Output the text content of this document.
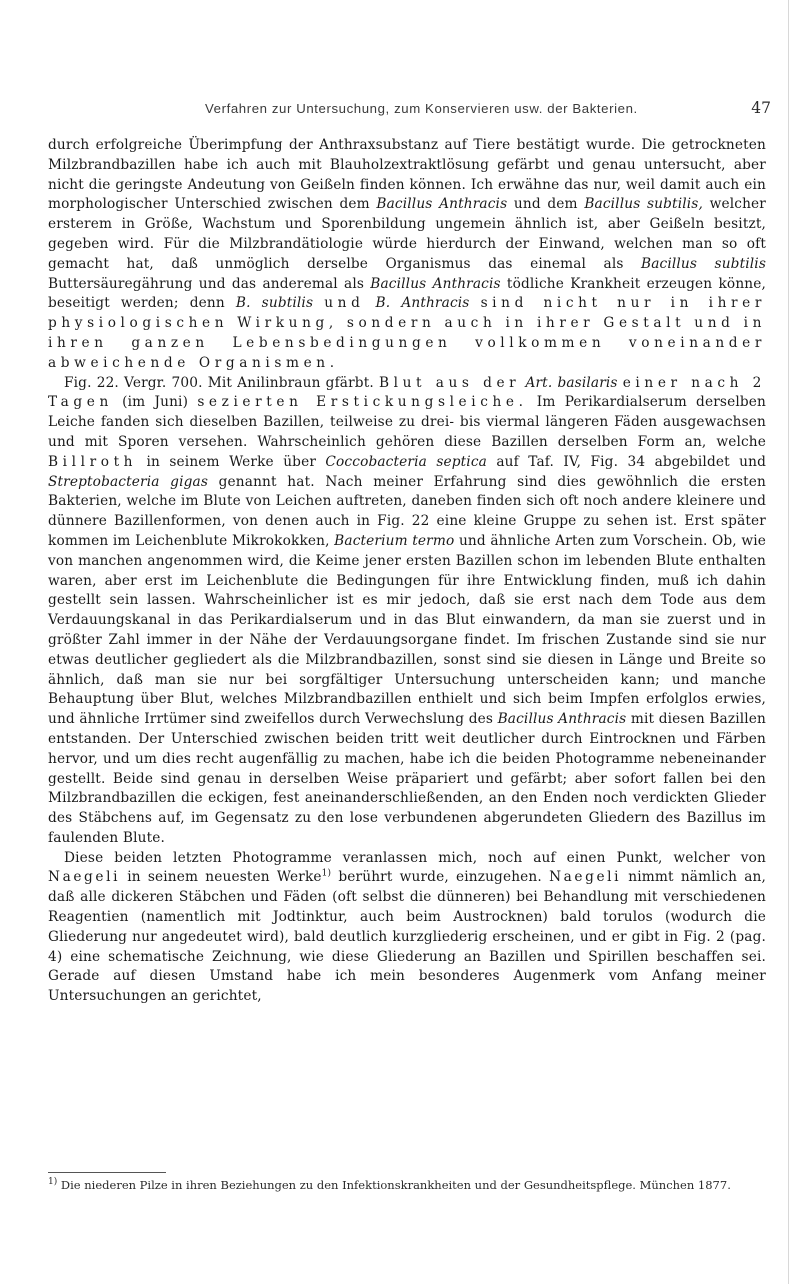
Verfahren zur Untersuchung, zum Konservieren usw. der Bakterien.	47

durch erfolgreiche Überimpfung der Anthraxsubstanz auf Tiere bestätigt wurde. Die getrockneten Milzbrandbazillen habe ich auch mit Blauholzextraktlösung gefärbt und genau untersucht, aber nicht die geringste Andeutung von Geißeln finden können. Ich erwähne das nur, weil damit auch ein morphologischer Unterschied zwischen dem Bacillus Anthracis und dem Bacillus subtilis, welcher ersterem in Größe, Wachstum und Sporenbildung ungemein ähnlich ist, aber Geißeln besitzt, gegeben wird. Für die Milzbrandätiologie würde hierdurch der Einwand, welchen man so oft gemacht hat, daß unmöglich derselbe Organismus das einemal als Bacillus subtilis Buttersäuregährung und das anderemal als Bacillus Anthracis tödliche Krankheit erzeugen könne, beseitigt werden; denn B. subtilis und B. Anthracis sind nicht nur in ihrer physiologischen Wirkung, sondern auch in ihrer Gestalt und in ihren ganzen Lebensbedingungen vollkommen voneinander abweichende Organismen.

Fig. 22. Vergr. 700. Mit Anilinbraun gfärbt. Blut aus der Art. basilaris einer nach 2 Tagen (im Juni) sezierten Erstickungsleiche. Im Perikardialserum derselben Leiche fanden sich dieselben Bazillen, teilweise zu drei- bis viermal längeren Fäden ausgewachsen und mit Sporen versehen. Wahrscheinlich gehören diese Bazillen derselben Form an, welche Billroth in seinem Werke über Coccobacteria septica auf Taf. IV, Fig. 34 abgebildet und Streptobacteria gigas genannt hat. Nach meiner Erfahrung sind dies gewöhnlich die ersten Bakterien, welche im Blute von Leichen auftreten, daneben finden sich oft noch andere kleinere und dünnere Bazillenformen, von denen auch in Fig. 22 eine kleine Gruppe zu sehen ist. Erst später kommen im Leichenblute Mikrokokken, Bacterium termo und ähnliche Arten zum Vorschein. Ob, wie von manchen angenommen wird, die Keime jener ersten Bazillen schon im lebenden Blute enthalten waren, aber erst im Leichenblute die Bedingungen für ihre Entwicklung finden, muß ich dahin gestellt sein lassen. Wahrscheinlicher ist es mir jedoch, daß sie erst nach dem Tode aus dem Verdauungskanal in das Perikardialserum und in das Blut einwandern, da man sie zuerst und in größter Zahl immer in der Nähe der Verdauungsorgane findet. Im frischen Zustande sind sie nur etwas deutlicher gegliedert als die Milzbrandbazillen, sonst sind sie diesen in Länge und Breite so ähnlich, daß man sie nur bei sorgfältiger Untersuchung unterscheiden kann; und manche Behauptung über Blut, welches Milzbrandbazillen enthielt und sich beim Impfen erfolglos erwies, und ähnliche Irrtümer sind zweifellos durch Verwechslung des Bacillus Anthracis mit diesen Bazillen entstanden. Der Unterschied zwischen beiden tritt weit deutlicher durch Eintrocknen und Färben hervor, und um dies recht augenfällig zu machen, habe ich die beiden Photogramme nebeneinander gestellt. Beide sind genau in derselben Weise präpariert und gefärbt; aber sofort fallen bei den Milzbrandbazillen die eckigen, fest aneinanderschließenden, an den Enden noch verdickten Glieder des Stäbchens auf, im Gegensatz zu den lose verbundenen abgerundeten Gliedern des Bazillus im faulenden Blute.

Diese beiden letzten Photogramme veranlassen mich, noch auf einen Punkt, welcher von Naegeli in seinem neuesten Werke$^{1)}$ berührt wurde, einzugehen. Naegeli nimmt nämlich an, daß alle dickeren Stäbchen und Fäden (oft selbst die dünneren) bei Behandlung mit verschiedenen Reagentien (namentlich mit Jodtinktur, auch beim Austrocknen) bald torulos (wodurch die Gliederung nur angedeutet wird), bald deutlich kurzgliederig erscheinen, und er gibt in Fig. 2 (pag. 4) eine schematische Zeichnung, wie diese Gliederung an Bazillen und Spirillen beschaffen sei. Gerade auf diesen Umstand habe ich mein besonderes Augenmerk vom Anfang meiner Untersuchungen an gerichtet,

$^{1)}$ Die niederen Pilze in ihren Beziehungen zu den Infektionskrankheiten und der Gesundheitspflege. München 1877.
